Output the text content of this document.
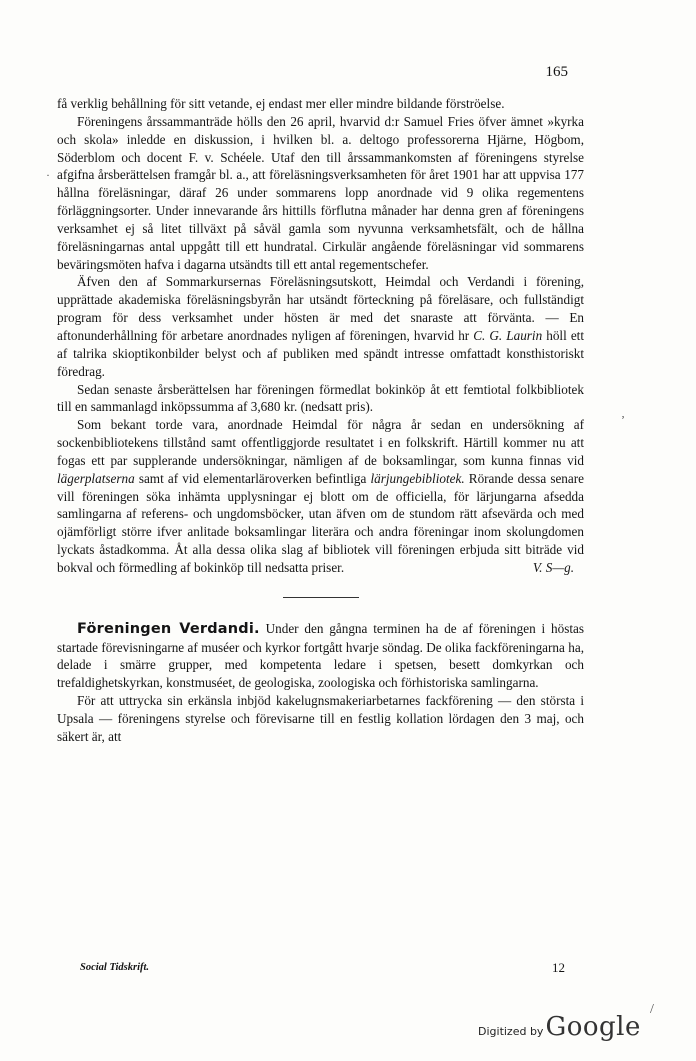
165

få verklig behållning för sitt vetande, ej endast mer eller mindre bildande förströelse.

Föreningens årssammanträde hölls den 26 april, hvarvid d:r Samuel Fries öfver ämnet »kyrka och skola» inledde en diskussion, i hvilken bl. a. deltogo professorerna Hjärne, Högbom, Söderblom och docent F. v. Schéele. Utaf den till årssammankomsten af föreningens styrelse afgifna årsberättelsen framgår bl. a., att föreläsningsverksamheten för året 1901 har att uppvisa 177 hållna föreläsningar, däraf 26 under sommarens lopp anordnade vid 9 olika regementens förläggningsorter. Under innevarande års hittills förflutna månader har denna gren af föreningens verksamhet ej så litet tillväxt på såväl gamla som nyvunna verksamhetsfält, och de hållna föreläsningarnas antal uppgått till ett hundratal. Cirkulär angående föreläsningar vid sommarens beväringsmöten hafva i dagarna utsändts till ett antal regementschefer.

Äfven den af Sommarkursernas Föreläsningsutskott, Heimdal och Verdandi i förening, upprättade akademiska föreläsningsbyrån har utsändt förteckning på föreläsare, och fullständigt program för dess verksamhet under hösten är med det snaraste att förvänta. — En aftonunderhållning för arbetare anordnades nyligen af föreningen, hvarvid hr C. G. Laurin höll ett af talrika skioptikonbilder belyst och af publiken med spändt intresse omfattadt konsthistoriskt föredrag.

Sedan senaste årsberättelsen har föreningen förmedlat bokinköp åt ett femtiotal folkbibliotek till en sammanlagd inköpssumma af 3,680 kr. (nedsatt pris).

Som bekant torde vara, anordnade Heimdal för några år sedan en undersökning af sockenbibliotekens tillstånd samt offentliggjorde resultatet i en folkskrift. Härtill kommer nu att fogas ett par supplerande undersökningar, nämligen af de boksamlingar, som kunna finnas vid lägerplatserna samt af vid elementarläroverken befintliga lärjungebibliotek. Rörande dessa senare vill föreningen söka inhämta upplysningar ej blott om de officiella, för lärjungarna afsedda samlingarna af referens- och ungdomsböcker, utan äfven om de stundom rätt afsevärda och med ojämförligt större ifver anlitade boksamlingar literära och andra föreningar inom skolungdomen lyckats åstadkomma. Åt alla dessa olika slag af bibliotek vill föreningen erbjuda sitt biträde vid bokval och förmedling af bokinköp till nedsatta priser.	V. S—g.

Föreningen Verdandi. Under den gångna terminen ha de af föreningen i höstas startade förevisningarne af muséer och kyrkor fortgått hvarje söndag. De olika fackföreningarna ha, delade i smärre grupper, med kompetenta ledare i spetsen, besett domkyrkan och trefaldighetskyrkan, konstmuséet, de geologiska, zoologiska och förhistoriska samlingarna.

För att uttrycka sin erkänsla inbjöd kakelugnsmakeriarbetarnes fackförening — den största i Upsala — föreningens styrelse och förevisarne till en festlig kollation lördagen den 3 maj, och säkert är, att

Social Tidskrift.	12
·
ʼ
/
Digitized by Google
